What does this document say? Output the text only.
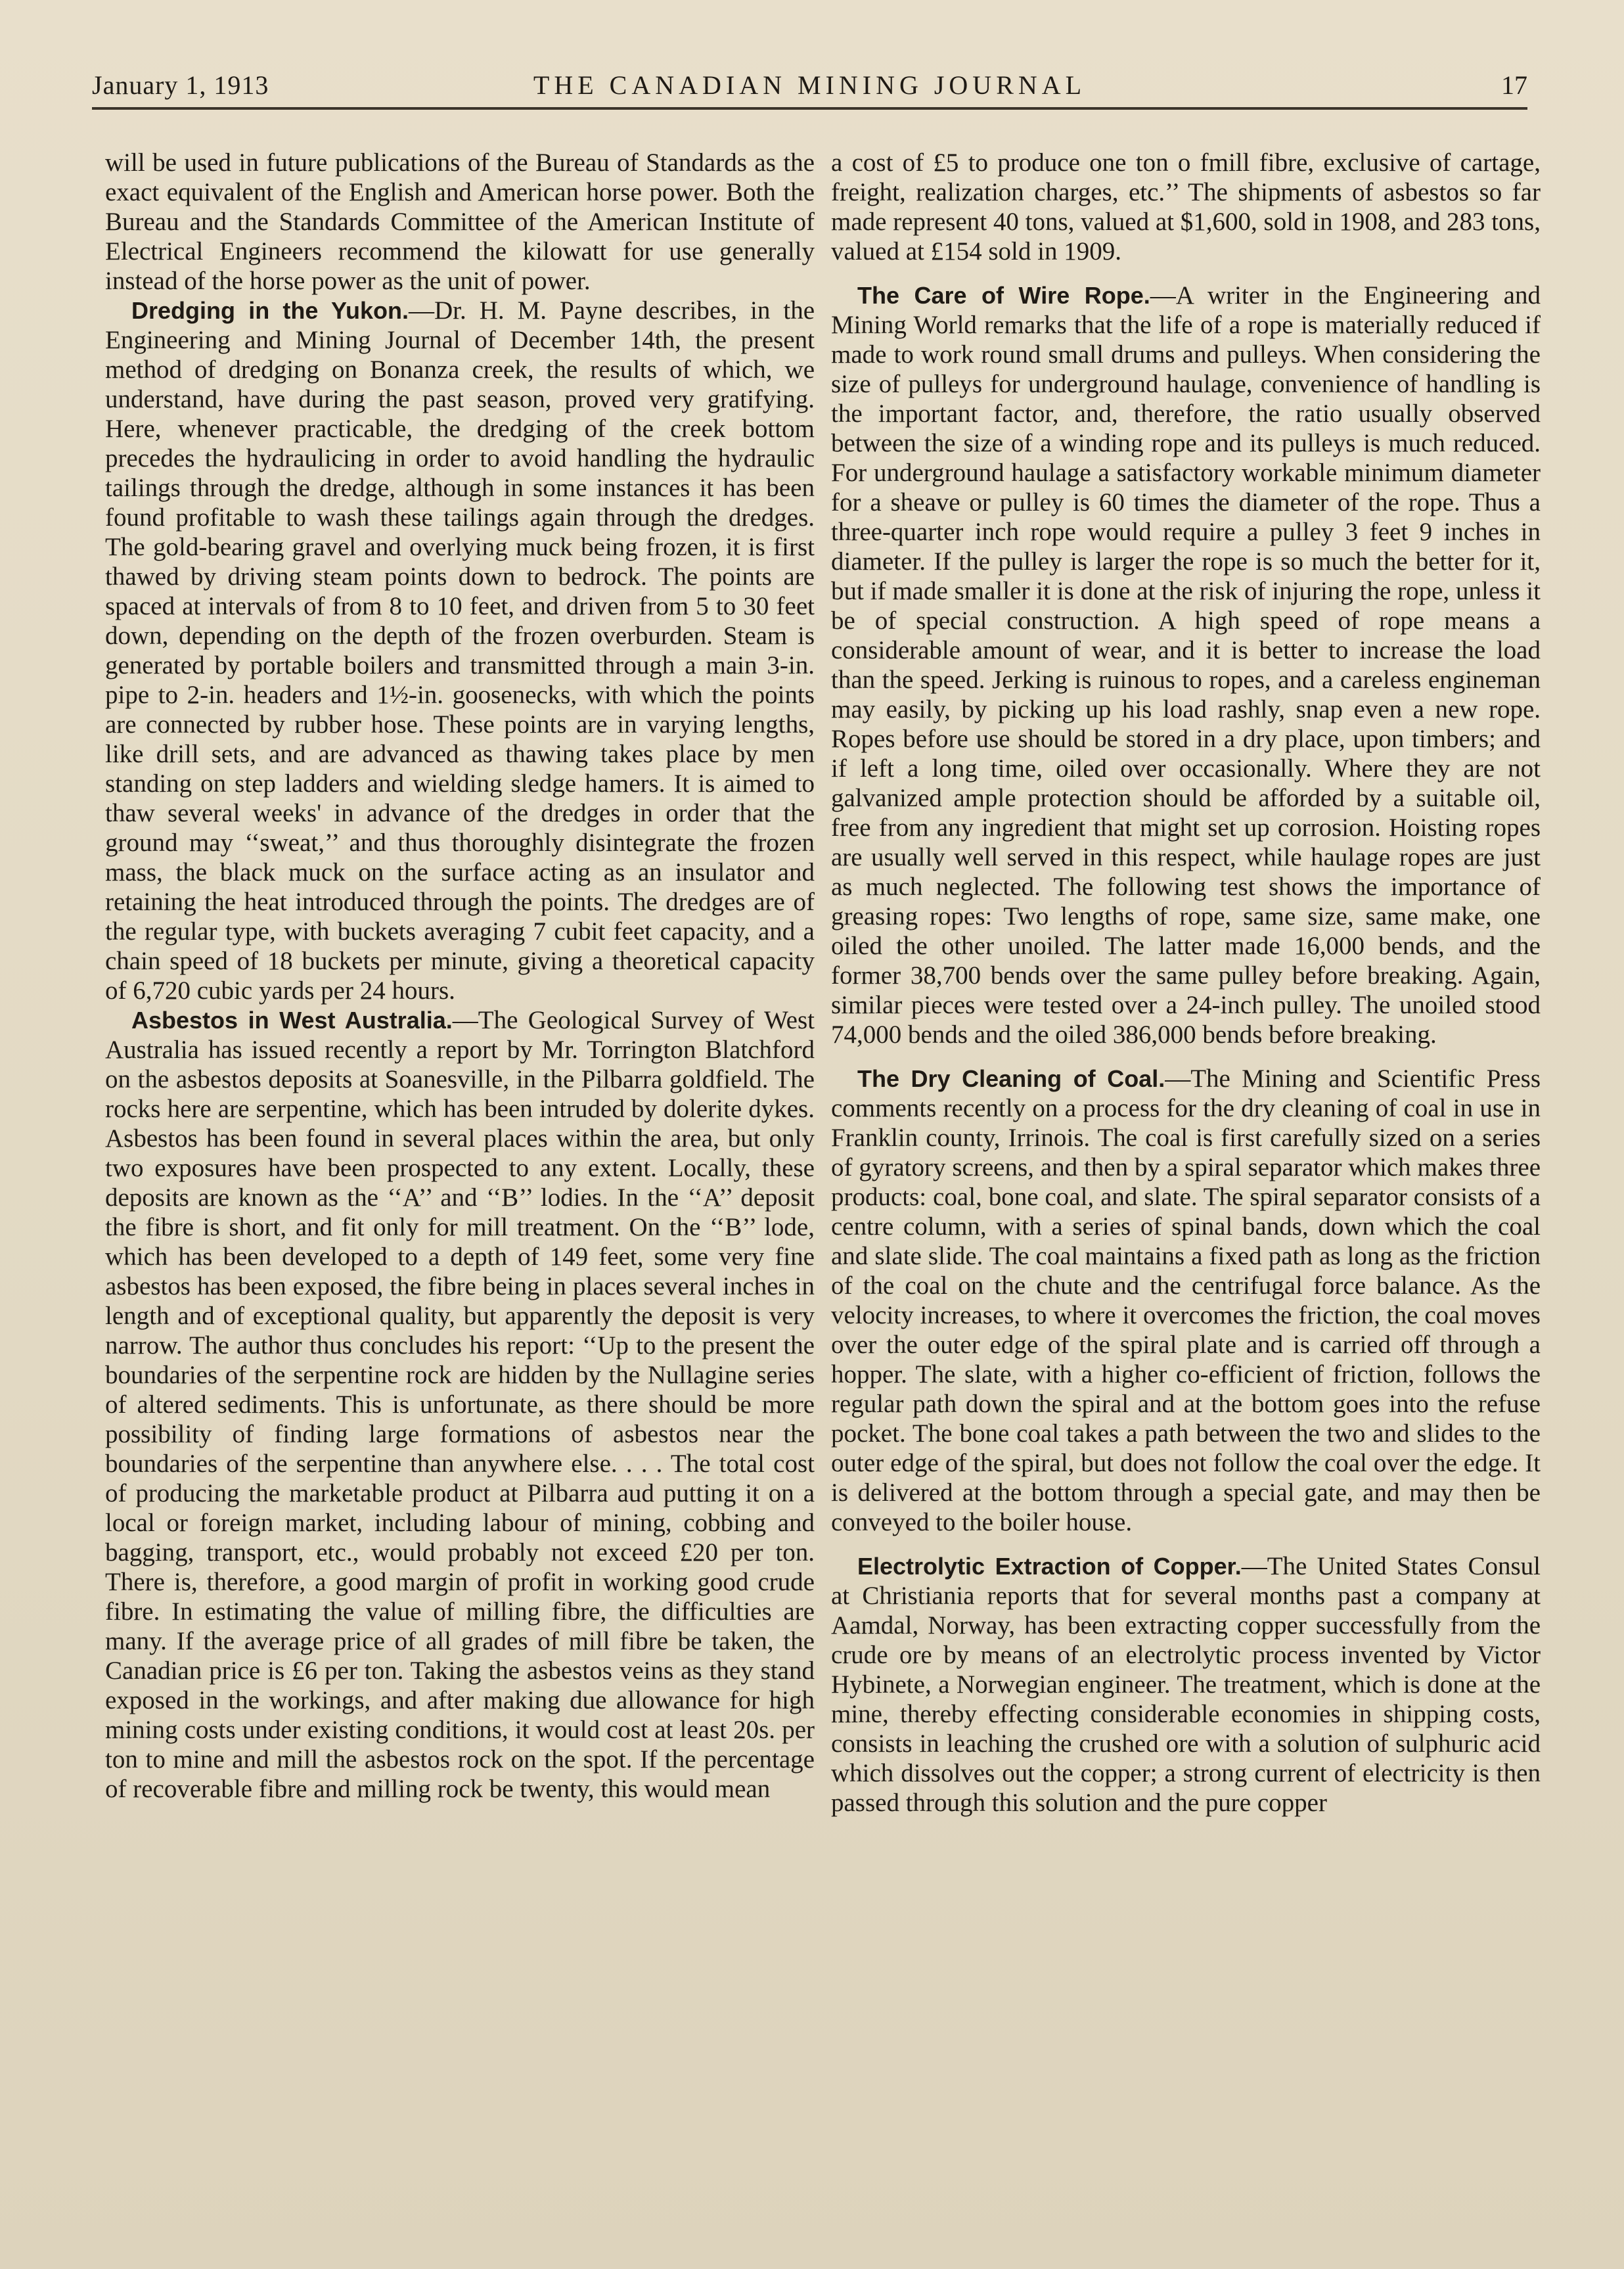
January 1, 1913	THE CANADIAN MINING JOURNAL	17

will be used in future publications of the Bureau of Standards as the exact equivalent of the English and American horse power. Both the Bureau and the Standards Committee of the American Institute of Electrical Engineers recommend the kilowatt for use generally instead of the horse power as the unit of power.

Dredging in the Yukon.—Dr. H. M. Payne describes, in the Engineering and Mining Journal of December 14th, the present method of dredging on Bonanza creek, the results of which, we understand, have during the past season, proved very gratifying. Here, whenever practicable, the dredging of the creek bottom precedes the hydraulicing in order to avoid handling the hydraulic tailings through the dredge, although in some instances it has been found profitable to wash these tailings again through the dredges. The gold-bearing gravel and overlying muck being frozen, it is first thawed by driving steam points down to bedrock. The points are spaced at intervals of from 8 to 10 feet, and driven from 5 to 30 feet down, depending on the depth of the frozen overburden. Steam is generated by portable boilers and transmitted through a main 3-in. pipe to 2-in. headers and 1½-in. goosenecks, with which the points are connected by rubber hose. These points are in varying lengths, like drill sets, and are advanced as thawing takes place by men standing on step ladders and wielding sledge hamers. It is aimed to thaw several weeks' in advance of the dredges in order that the ground may ‘‘sweat,’’ and thus thoroughly disintegrate the frozen mass, the black muck on the surface acting as an insulator and retaining the heat introduced through the points. The dredges are of the regular type, with buckets averaging 7 cubit feet capacity, and a chain speed of 18 buckets per minute, giving a theoretical capacity of 6,720 cubic yards per 24 hours.

Asbestos in West Australia.—The Geological Survey of West Australia has issued recently a report by Mr. Torrington Blatchford on the asbestos deposits at Soanesville, in the Pilbarra goldfield. The rocks here are serpentine, which has been intruded by dolerite dykes. Asbestos has been found in several places within the area, but only two exposures have been prospected to any extent. Locally, these deposits are known as the ‘‘A’’ and ‘‘B’’ lodies. In the ‘‘A’’ deposit the fibre is short, and fit only for mill treatment. On the ‘‘B’’ lode, which has been developed to a depth of 149 feet, some very fine asbestos has been exposed, the fibre being in places several inches in length and of exceptional quality, but apparently the deposit is very narrow. The author thus concludes his report: ‘‘Up to the present the boundaries of the serpentine rock are hidden by the Nullagine series of altered sediments. This is unfortunate, as there should be more possibility of finding large formations of asbestos near the boundaries of the serpentine than anywhere else. . . . The total cost of producing the marketable product at Pilbarra aud putting it on a local or foreign market, including labour of mining, cobbing and bagging, transport, etc., would probably not exceed £20 per ton. There is, therefore, a good margin of profit in working good crude fibre. In estimating the value of milling fibre, the difficulties are many. If the average price of all grades of mill fibre be taken, the Canadian price is £6 per ton. Taking the asbestos veins as they stand exposed in the workings, and after making due allowance for high mining costs under existing conditions, it would cost at least 20s. per ton to mine and mill the asbestos rock on the spot. If the percentage of recoverable fibre and milling rock be twenty, this would mean

a cost of £5 to produce one ton o fmill fibre, exclusive of cartage, freight, realization charges, etc.’’ The shipments of asbestos so far made represent 40 tons, valued at $1,600, sold in 1908, and 283 tons, valued at £154 sold in 1909.

The Care of Wire Rope.—A writer in the Engineering and Mining World remarks that the life of a rope is materially reduced if made to work round small drums and pulleys. When considering the size of pulleys for underground haulage, convenience of handling is the important factor, and, therefore, the ratio usually observed between the size of a winding rope and its pulleys is much reduced. For underground haulage a satisfactory workable minimum diameter for a sheave or pulley is 60 times the diameter of the rope. Thus a three-quarter inch rope would require a pulley 3 feet 9 inches in diameter. If the pulley is larger the rope is so much the better for it, but if made smaller it is done at the risk of injuring the rope, unless it be of special construction. A high speed of rope means a considerable amount of wear, and it is better to increase the load than the speed. Jerking is ruinous to ropes, and a careless engineman may easily, by picking up his load rashly, snap even a new rope. Ropes before use should be stored in a dry place, upon timbers; and if left a long time, oiled over occasionally. Where they are not galvanized ample protection should be afforded by a suitable oil, free from any ingredient that might set up corrosion. Hoisting ropes are usually well served in this respect, while haulage ropes are just as much neglected. The following test shows the importance of greasing ropes: Two lengths of rope, same size, same make, one oiled the other unoiled. The latter made 16,000 bends, and the former 38,700 bends over the same pulley before breaking. Again, similar pieces were tested over a 24-inch pulley. The unoiled stood 74,000 bends and the oiled 386,000 bends before breaking.

The Dry Cleaning of Coal.—The Mining and Scientific Press comments recently on a process for the dry cleaning of coal in use in Franklin county, Irrinois. The coal is first carefully sized on a series of gyratory screens, and then by a spiral separator which makes three products: coal, bone coal, and slate. The spiral separator consists of a centre column, with a series of spinal bands, down which the coal and slate slide. The coal maintains a fixed path as long as the friction of the coal on the chute and the centrifugal force balance. As the velocity increases, to where it overcomes the friction, the coal moves over the outer edge of the spiral plate and is carried off through a hopper. The slate, with a higher co-efficient of friction, follows the regular path down the spiral and at the bottom goes into the refuse pocket. The bone coal takes a path between the two and slides to the outer edge of the spiral, but does not follow the coal over the edge. It is delivered at the bottom through a special gate, and may then be conveyed to the boiler house.

Electrolytic Extraction of Copper.—The United States Consul at Christiania reports that for several months past a company at Aamdal, Norway, has been extracting copper successfully from the crude ore by means of an electrolytic process invented by Victor Hybinete, a Norwegian engineer. The treatment, which is done at the mine, thereby effecting considerable economies in shipping costs, consists in leaching the crushed ore with a solution of sulphuric acid which dissolves out the copper; a strong current of electricity is then passed through this solution and the pure copper
